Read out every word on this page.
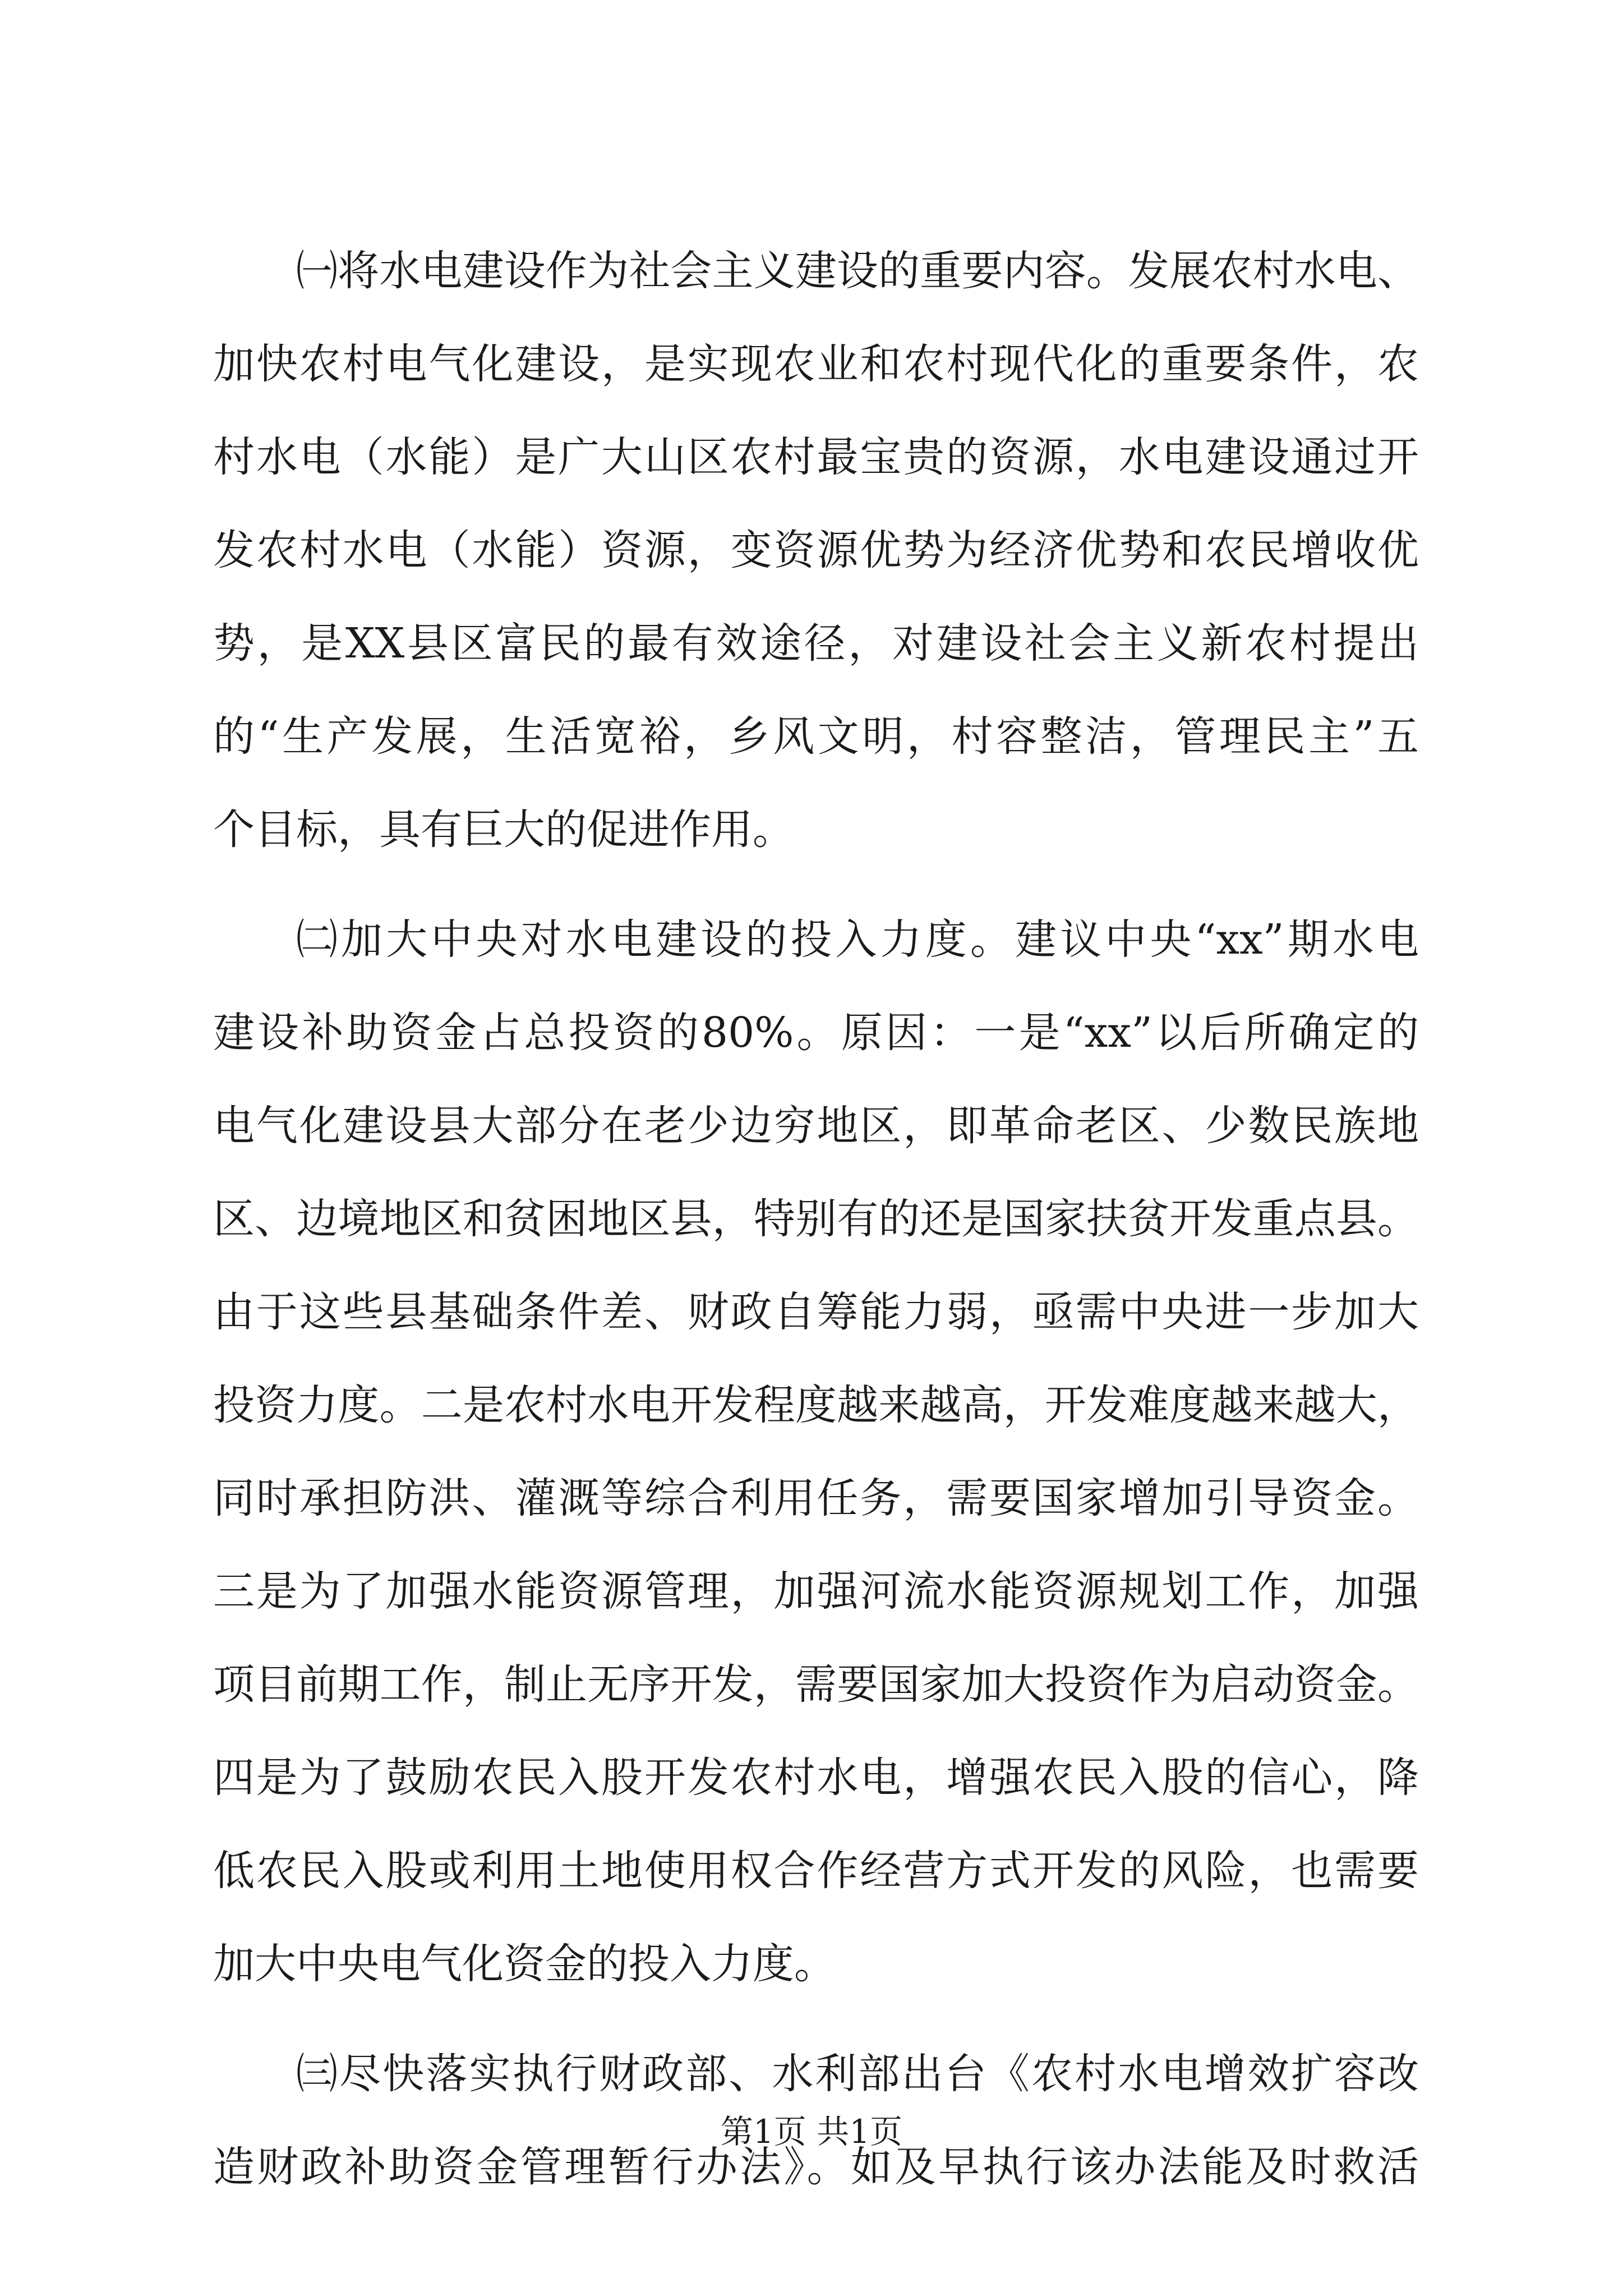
㈠将水电建设作为社会主义建设的重要内容。发展农村水电、
加快农村电气化建设，是实现农业和农村现代化的重要条件，农
村水电（水能）是广大山区农村最宝贵的资源，水电建设通过开
发农村水电（水能）资源，变资源优势为经济优势和农民增收优
势，是XX县区富民的最有效途径，对建设社会主义新农村提出
的“生产发展，生活宽裕，乡风文明，村容整洁，管理民主”五
个目标，具有巨大的促进作用。
㈡加大中央对水电建设的投入力度。建议中央“xx”期水电
建设补助资金占总投资的80%。原因：一是“xx”以后所确定的
电气化建设县大部分在老少边穷地区，即革命老区、少数民族地
区、边境地区和贫困地区县，特别有的还是国家扶贫开发重点县。
由于这些县基础条件差、财政自筹能力弱，亟需中央进一步加大
投资力度。二是农村水电开发程度越来越高，开发难度越来越大，
同时承担防洪、灌溉等综合利用任务，需要国家增加引导资金。
三是为了加强水能资源管理，加强河流水能资源规划工作，加强
项目前期工作，制止无序开发，需要国家加大投资作为启动资金。
四是为了鼓励农民入股开发农村水电，增强农民入股的信心，降
低农民入股或利用土地使用权合作经营方式开发的风险，也需要
加大中央电气化资金的投入力度。
㈢尽快落实执行财政部、水利部出台《农村水电增效扩容改
造财政补助资金管理暂行办法》。如及早执行该办法能及时救活
第1页 共1页
